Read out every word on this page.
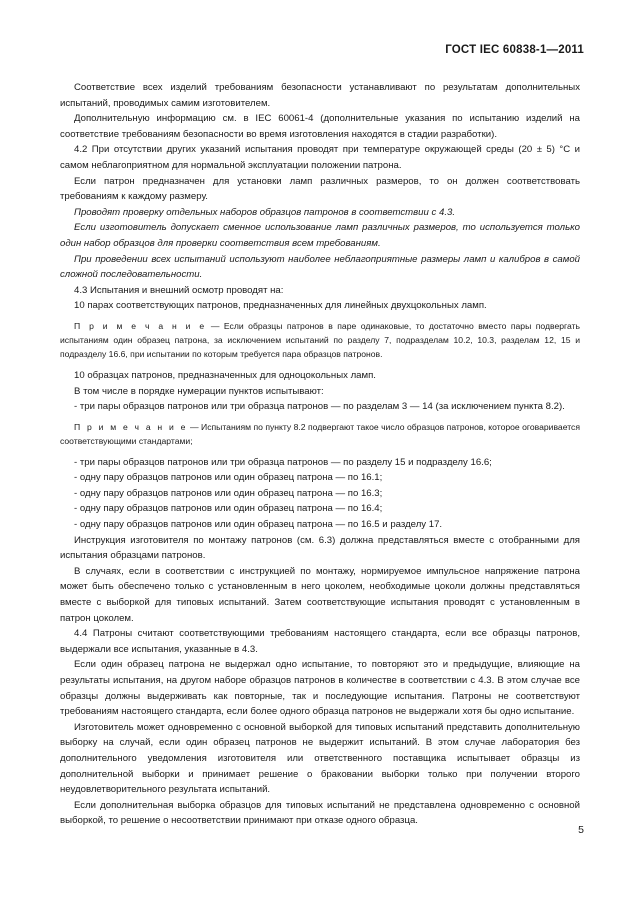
ГОСТ IEC 60838-1—2011

Соответствие всех изделий требованиям безопасности устанавливают по результатам дополнительных испытаний, проводимых самим изготовителем.

Дополнительную информацию см. в IEC 60061-4 (дополнительные указания по испытанию изделий на соответствие требованиям безопасности во время изготовления находятся в стадии разработки).

4.2 При отсутствии других указаний испытания проводят при температуре окружающей среды (20 ± 5) °С и самом неблагоприятном для нормальной эксплуатации положении патрона.

Если патрон предназначен для установки ламп различных размеров, то он должен соответствовать требованиям к каждому размеру.

Проводят проверку отдельных наборов образцов патронов в соответствии с 4.3.

Если изготовитель допускает сменное использование ламп различных размеров, то используется только один набор образцов для проверки соответствия всем требованиям.

При проведении всех испытаний используют наиболее неблагоприятные размеры ламп и калибров в самой сложной последовательности.

4.3 Испытания и внешний осмотр проводят на:

10 парах соответствующих патронов, предназначенных для линейных двухцокольных ламп.

П р и м е ч а н и е — Если образцы патронов в паре одинаковые, то достаточно вместо пары подвергать испытаниям один образец патрона, за исключением испытаний по разделу 7, подразделам 10.2, 10.3, разделам 12, 15 и подразделу 16.6, при испытании по которым требуется пара образцов патронов.

10 образцах патронов, предназначенных для одноцокольных ламп.

В том числе в порядке нумерации пунктов испытывают:

- три пары образцов патронов или три образца патронов — по разделам 3 — 14 (за исключением пункта 8.2).

П р и м е ч а н и е — Испытаниям по пункту 8.2 подвергают такое число образцов патронов, которое оговаривается соответствующими стандартами;

- три пары образцов патронов или три образца патронов — по разделу 15 и подразделу 16.6;

- одну пару образцов патронов или один образец патрона — по 16.1;

- одну пару образцов патронов или один образец патрона — по 16.3;

- одну пару образцов патронов или один образец патрона — по 16.4;

- одну пару образцов патронов или один образец патрона — по 16.5 и разделу 17.

Инструкция изготовителя по монтажу патронов (см. 6.3) должна представляться вместе с отобранными для испытания образцами патронов.

В случаях, если в соответствии с инструкцией по монтажу, нормируемое импульсное напряжение патрона может быть обеспечено только с установленным в него цоколем, необходимые цоколи должны представляться вместе с выборкой для типовых испытаний. Затем соответствующие испытания проводят с установленным в патрон цоколем.

4.4 Патроны считают соответствующими требованиям настоящего стандарта, если все образцы патронов, выдержали все испытания, указанные в 4.3.

Если один образец патрона не выдержал одно испытание, то повторяют это и предыдущие, влияющие на результаты испытания, на другом наборе образцов патронов в количестве в соответствии с 4.3. В этом случае все образцы должны выдерживать как повторные, так и последующие испытания. Патроны не соответствуют требованиям настоящего стандарта, если более одного образца патронов не выдержали хотя бы одно испытание.

Изготовитель может одновременно с основной выборкой для типовых испытаний представить дополнительную выборку на случай, если один образец патронов не выдержит испытаний. В этом случае лаборатория без дополнительного уведомления изготовителя или ответственного поставщика испытывает образцы из дополнительной выборки и принимает решение о браковании выборки только при получении второго неудовлетворительного результата испытаний.

Если дополнительная выборка образцов для типовых испытаний не представлена одновременно с основной выборкой, то решение о несоответствии принимают при отказе одного образца.

5
